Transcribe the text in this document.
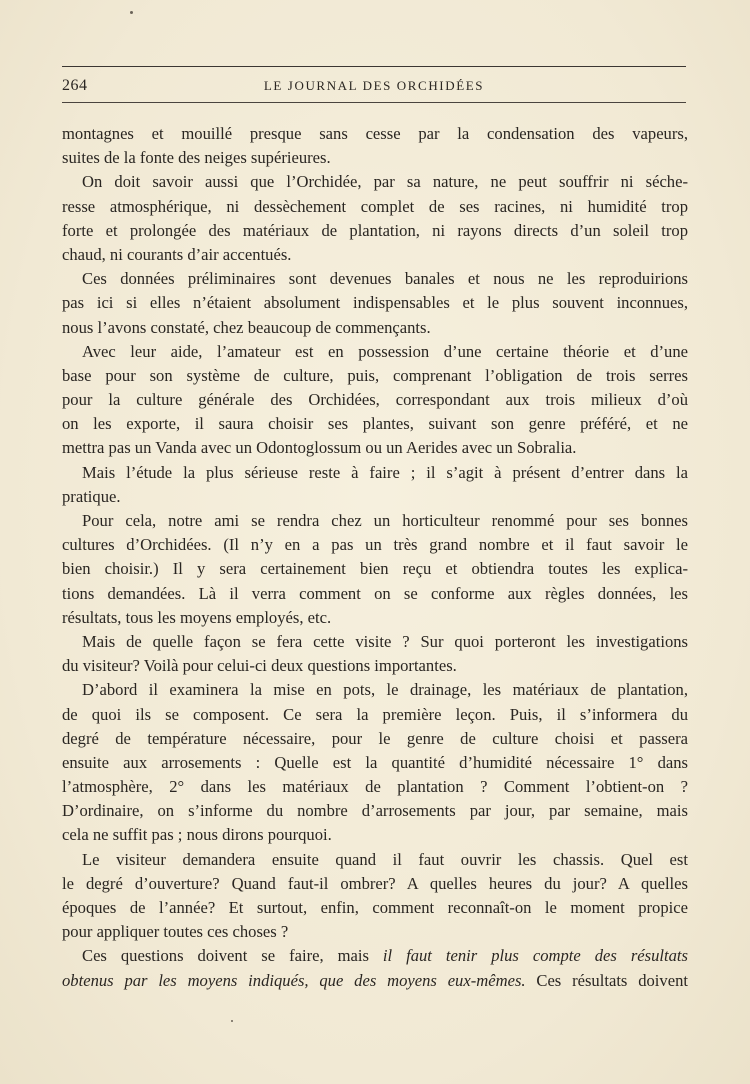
264	LE JOURNAL DES ORCHIDÉES
montagnes et mouillé presque sans cesse par la condensation des vapeurs,
suites de la fonte des neiges supérieures.
On doit savoir aussi que l’Orchidée, par sa nature, ne peut souffrir ni séche-
resse atmosphérique, ni dessèchement complet de ses racines, ni humidité trop
forte et prolongée des matériaux de plantation, ni rayons directs d’un soleil trop
chaud, ni courants d’air accentués.
Ces données préliminaires sont devenues banales et nous ne les reproduirions
pas ici si elles n’étaient absolument indispensables et le plus souvent inconnues,
nous l’avons constaté, chez beaucoup de commençants.
Avec leur aide, l’amateur est en possession d’une certaine théorie et d’une
base pour son système de culture, puis, comprenant l’obligation de trois serres
pour la culture générale des Orchidées, correspondant aux trois milieux d’où
on les exporte, il saura choisir ses plantes, suivant son genre préféré, et ne
mettra pas un Vanda avec un Odontoglossum ou un Aerides avec un Sobralia.
Mais l’étude la plus sérieuse reste à faire ; il s’agit à présent d’entrer dans la
pratique.
Pour cela, notre ami se rendra chez un horticulteur renommé pour ses bonnes
cultures d’Orchidées. (Il n’y en a pas un très grand nombre et il faut savoir le
bien choisir.) Il y sera certainement bien reçu et obtiendra toutes les explica-
tions demandées. Là il verra comment on se conforme aux règles données, les
résultats, tous les moyens employés, etc.
Mais de quelle façon se fera cette visite ? Sur quoi porteront les investigations
du visiteur? Voilà pour celui-ci deux questions importantes.
D’abord il examinera la mise en pots, le drainage, les matériaux de plantation,
de quoi ils se composent. Ce sera la première leçon. Puis, il s’informera du
degré de température nécessaire, pour le genre de culture choisi et passera
ensuite aux arrosements : Quelle est la quantité d’humidité nécessaire 1° dans
l’atmosphère, 2° dans les matériaux de plantation ? Comment l’obtient-on ?
D’ordinaire, on s’informe du nombre d’arrosements par jour, par semaine, mais
cela ne suffit pas ; nous dirons pourquoi.
Le visiteur demandera ensuite quand il faut ouvrir les chassis. Quel est
le degré d’ouverture? Quand faut-il ombrer? A quelles heures du jour? A quelles
époques de l’année? Et surtout, enfin, comment reconnaît-on le moment propice
pour appliquer toutes ces choses ?
Ces questions doivent se faire, mais il faut tenir plus compte des résultats
obtenus par les moyens indiqués, que des moyens eux-mêmes. Ces résultats doivent
